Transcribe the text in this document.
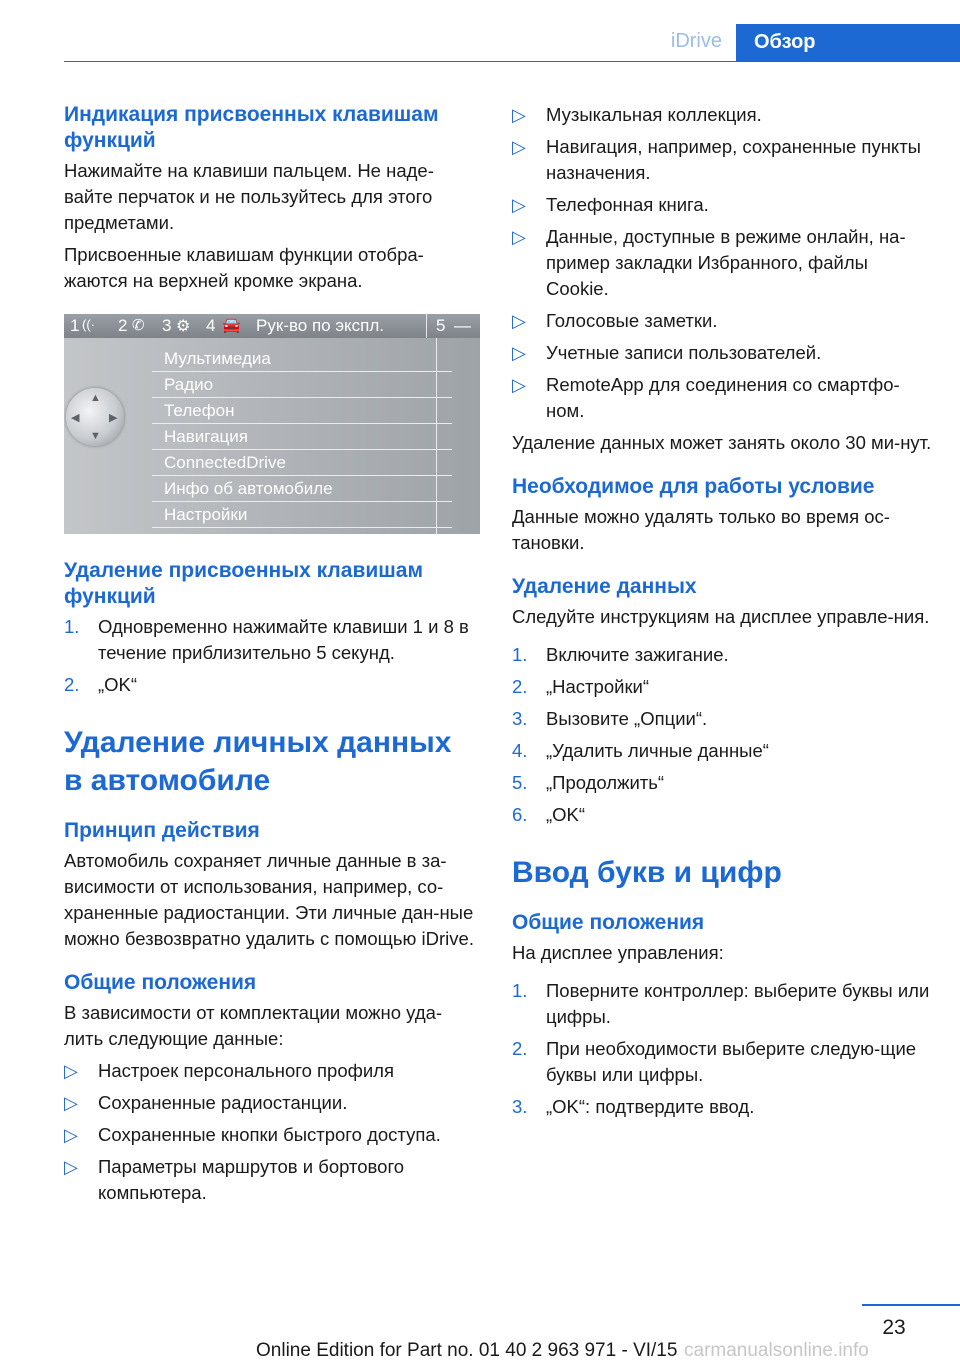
iDrive	Обзор
Индикация присвоенных клавишам функций

Нажимайте на клавиши пальцем. Не наде-вайте перчаток и не пользуйтесь для этого предметами.

Присвоенные клавишам функции отобра-жаются на верхней кромке экрана.

1 ((· 2 ✆ 3 ⚙ 4 🚘 Рук-во по экспл.	5 —
▲
▼
◀	▶
Мультимедиа
Радио
Телефон
Навигация
ConnectedDrive
Инфо об автомобиле
Настройки
Удаление присвоенных клавишам функций
1. Одновременно нажимайте клавиши 1 и 8 в течение приблизительно 5 секунд.
2. „OK“
Удаление личных данных в автомобиле
Принцип действия

Автомобиль сохраняет личные данные в за-висимости от использования, например, со-храненные радиостанции. Эти личные дан-ные можно безвозвратно удалить с помощью iDrive.

Общие положения

В зависимости от комплектации можно уда-лить следующие данные:

▷ Настроек персонального профиля
▷ Сохраненные радиостанции.
▷ Сохраненные кнопки быстрого доступа.
▷ Параметры маршрутов и бортового компьютера.
▷ Музыкальная коллекция.
▷ Навигация, например, сохраненные пункты назначения.
▷ Телефонная книга.
▷ Данные, доступные в режиме онлайн, на-пример закладки Избранного, файлы Cookie.
▷ Голосовые заметки.
▷ Учетные записи пользователей.
▷ RemoteApp для соединения со смартфо-ном.

Удаление данных может занять около 30 ми-нут.

Необходимое для работы условие

Данные можно удалять только во время ос-тановки.

Удаление данных

Следуйте инструкциям на дисплее управле-ния.

1. Включите зажигание.
2. „Настройки“
3. Вызовите „Опции“.
4. „Удалить личные данные“
5. „Продолжить“
6. „OK“
Ввод букв и цифр
Общие положения

На дисплее управления:

1. Поверните контроллер: выберите буквы или цифры.
2. При необходимости выберите следую-щие буквы или цифры.
3. „OK“: подтвердите ввод.
23
Online Edition for Part no. 01 40 2 963 971 - VI/15 carmanualsonline.info
